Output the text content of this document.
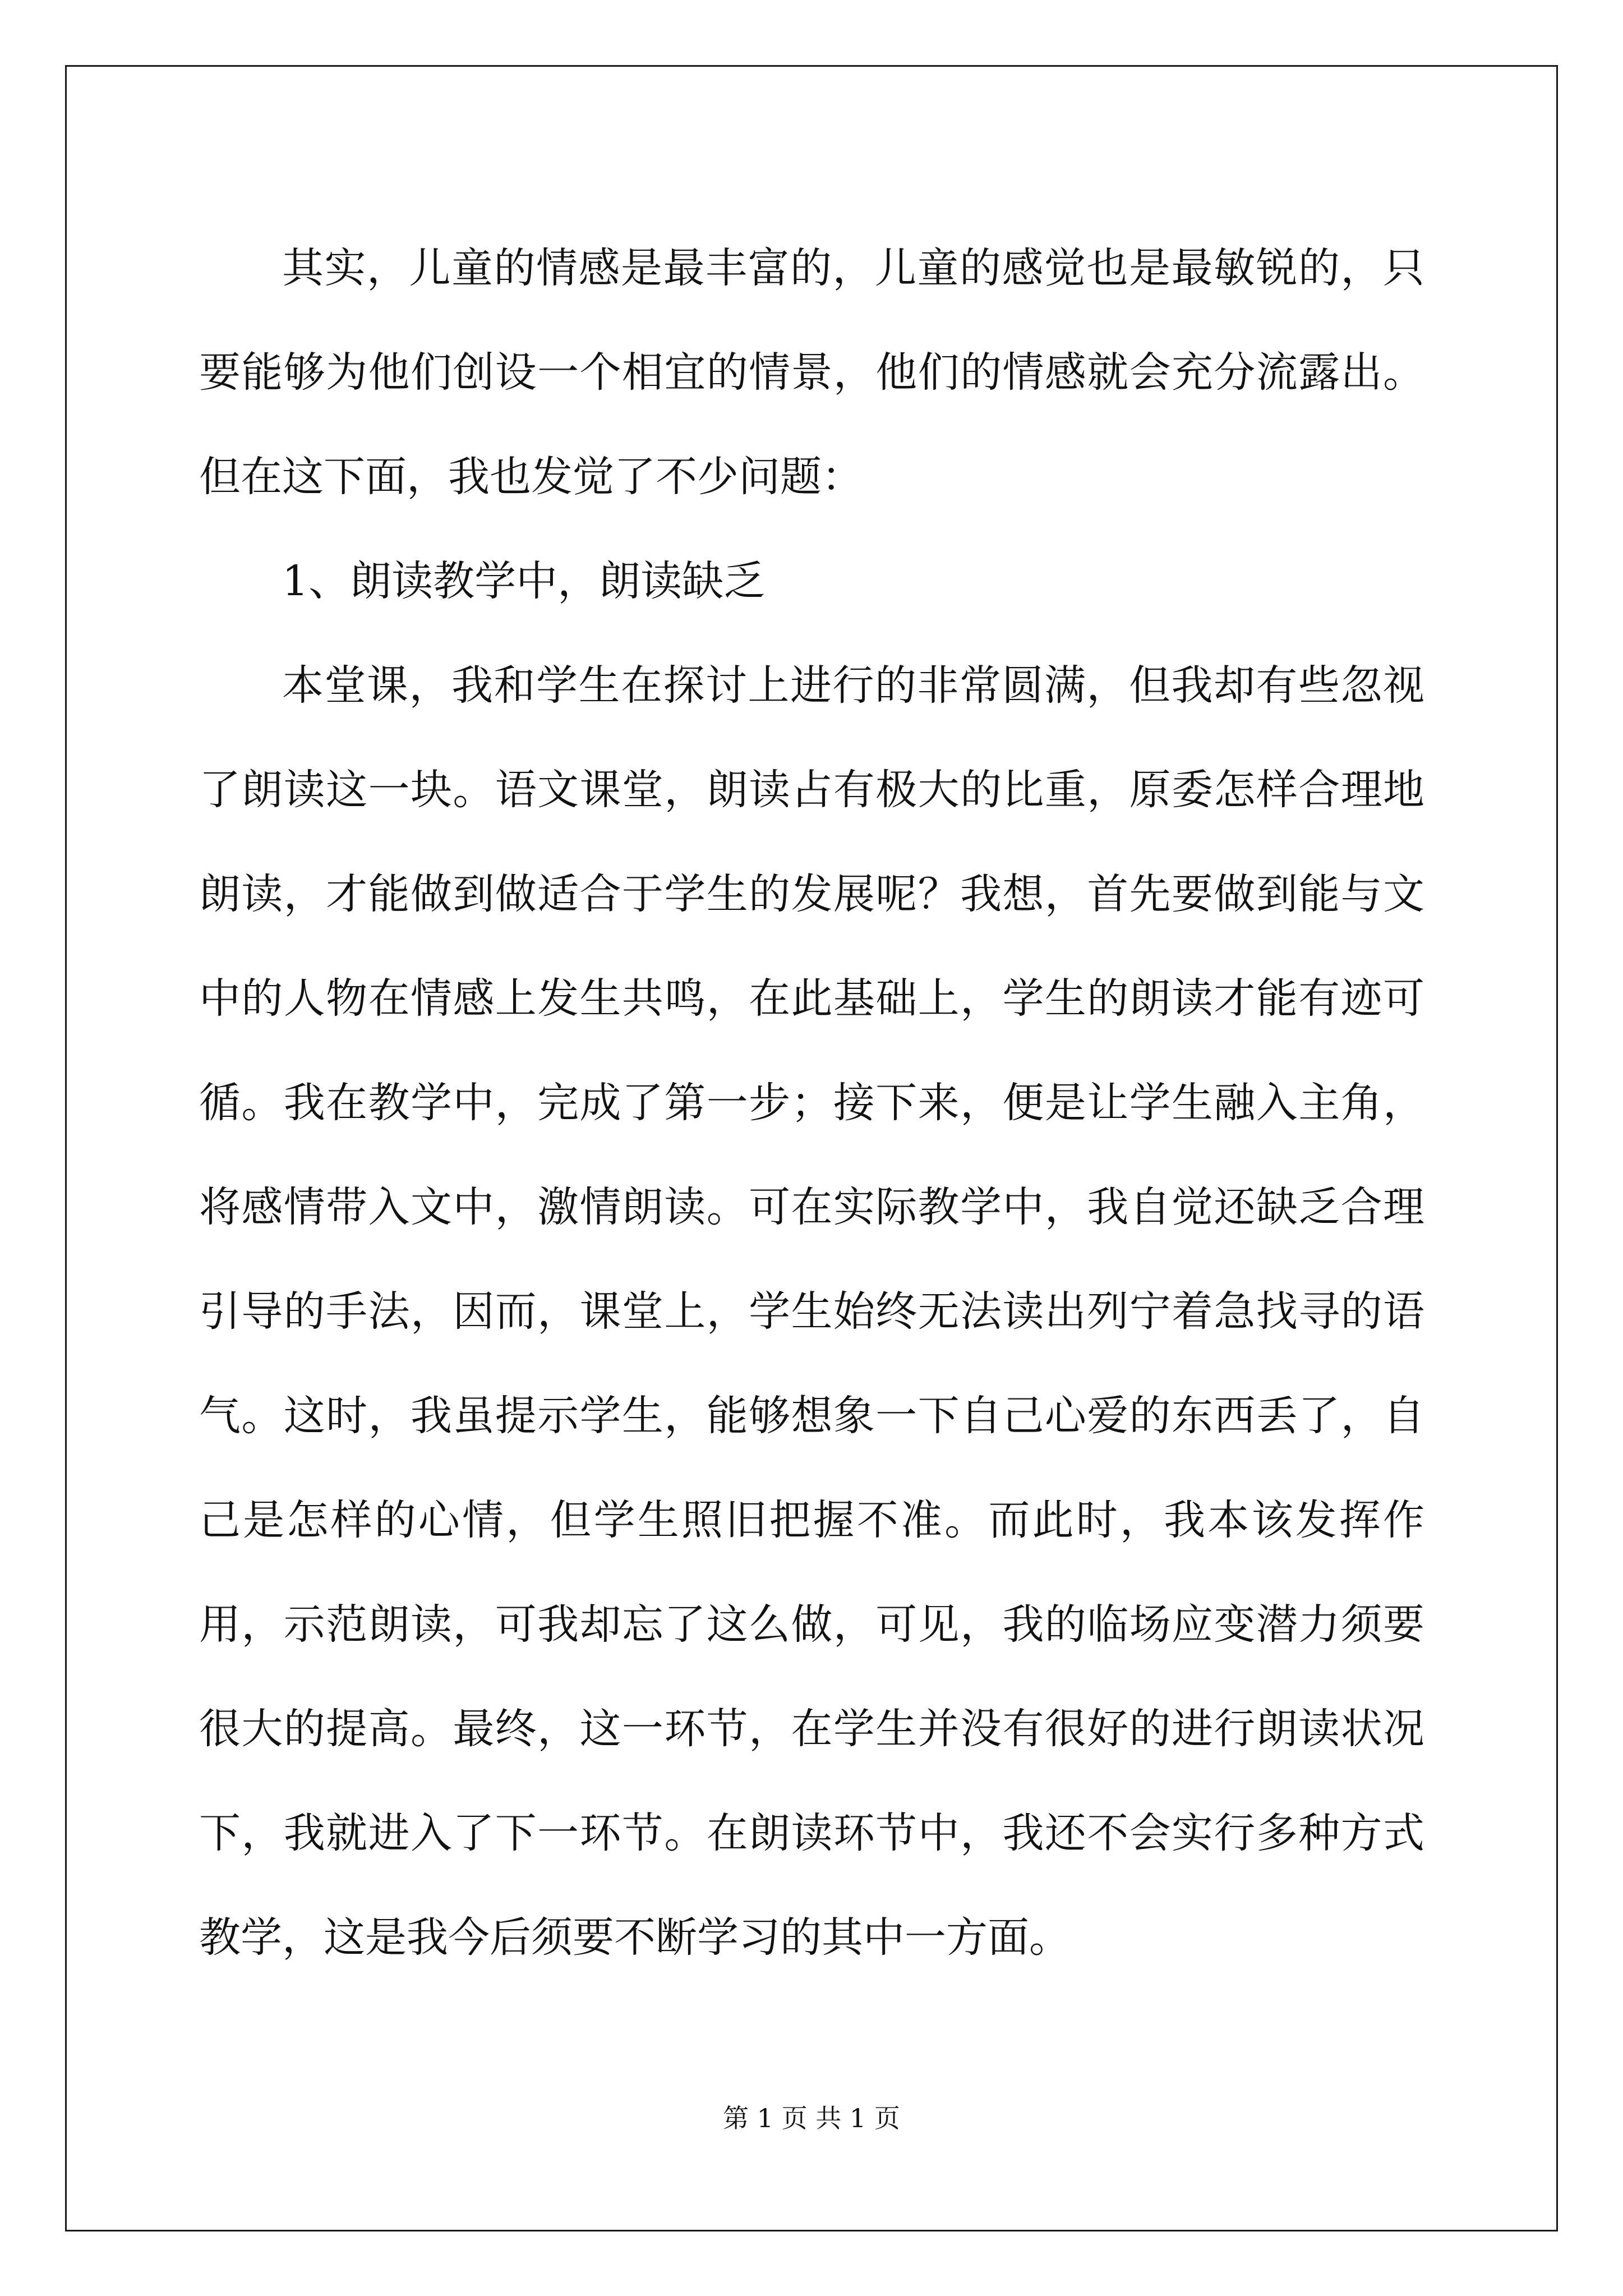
其实，儿童的情感是最丰富的，儿童的感觉也是最敏锐的，只要能够为他们创设一个相宜的情景，他们的情感就会充分流露出。但在这下面，我也发觉了不少问题：

1、朗读教学中，朗读缺乏

本堂课，我和学生在探讨上进行的非常圆满，但我却有些忽视了朗读这一块。语文课堂，朗读占有极大的比重，原委怎样合理地朗读，才能做到做适合于学生的发展呢？我想，首先要做到能与文中的人物在情感上发生共鸣，在此基础上，学生的朗读才能有迹可循。我在教学中，完成了第一步；接下来，便是让学生融入主角，将感情带入文中，激情朗读。可在实际教学中，我自觉还缺乏合理引导的手法，因而，课堂上，学生始终无法读出列宁着急找寻的语气。这时，我虽提示学生，能够想象一下自己心爱的东西丢了，自己是怎样的心情，但学生照旧把握不准。而此时，我本该发挥作用，示范朗读，可我却忘了这么做，可见，我的临场应变潜力须要很大的提高。最终，这一环节，在学生并没有很好的进行朗读状况下，我就进入了下一环节。在朗读环节中，我还不会实行多种方式教学，这是我今后须要不断学习的其中一方面。

第 1 页 共 1 页
